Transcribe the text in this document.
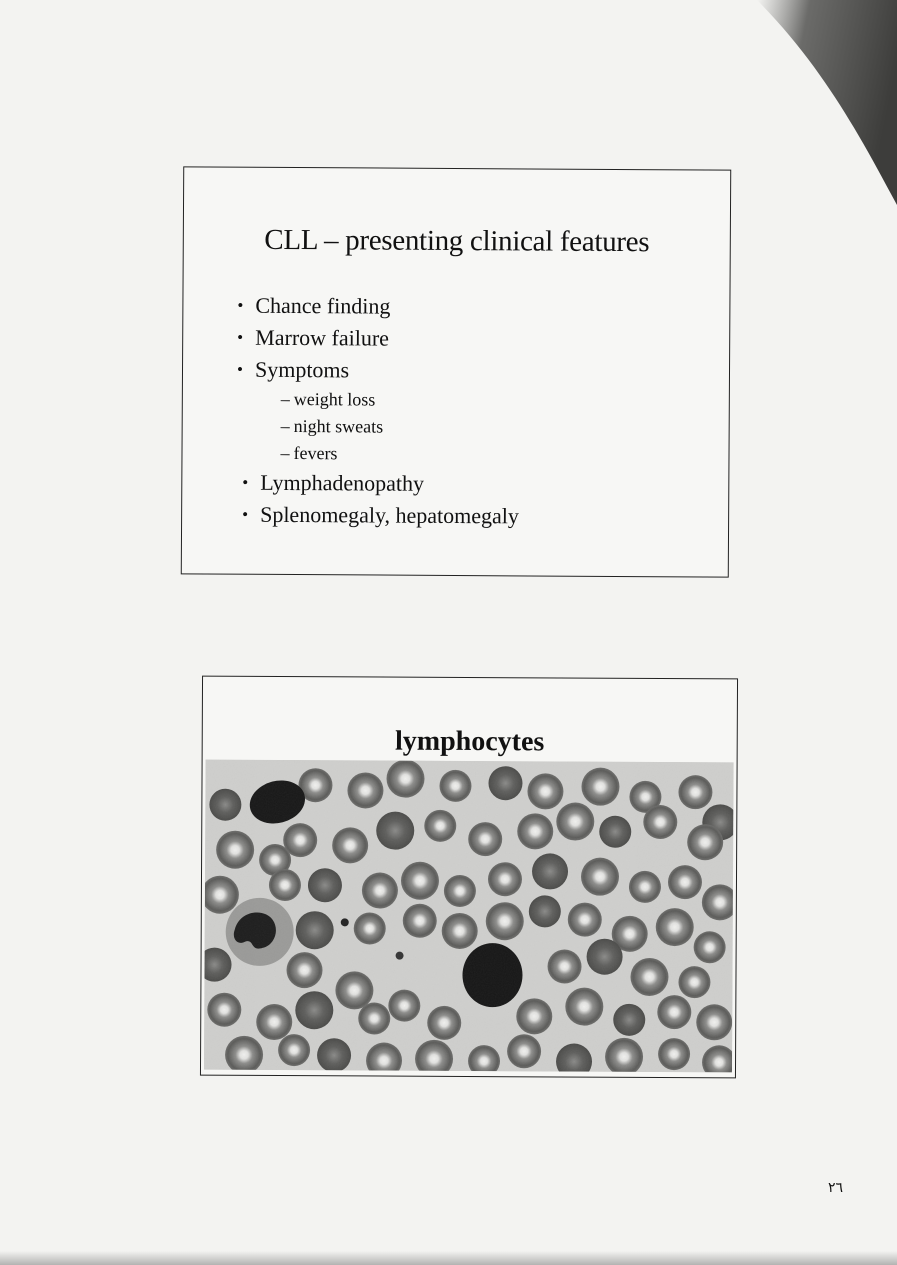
CLL – presenting clinical features
• Chance finding
• Marrow failure
• Symptoms
– weight loss
– night sweats
– fevers
• Lymphadenopathy
• Splenomegaly, hepatomegaly
lymphocytes
٢٦
